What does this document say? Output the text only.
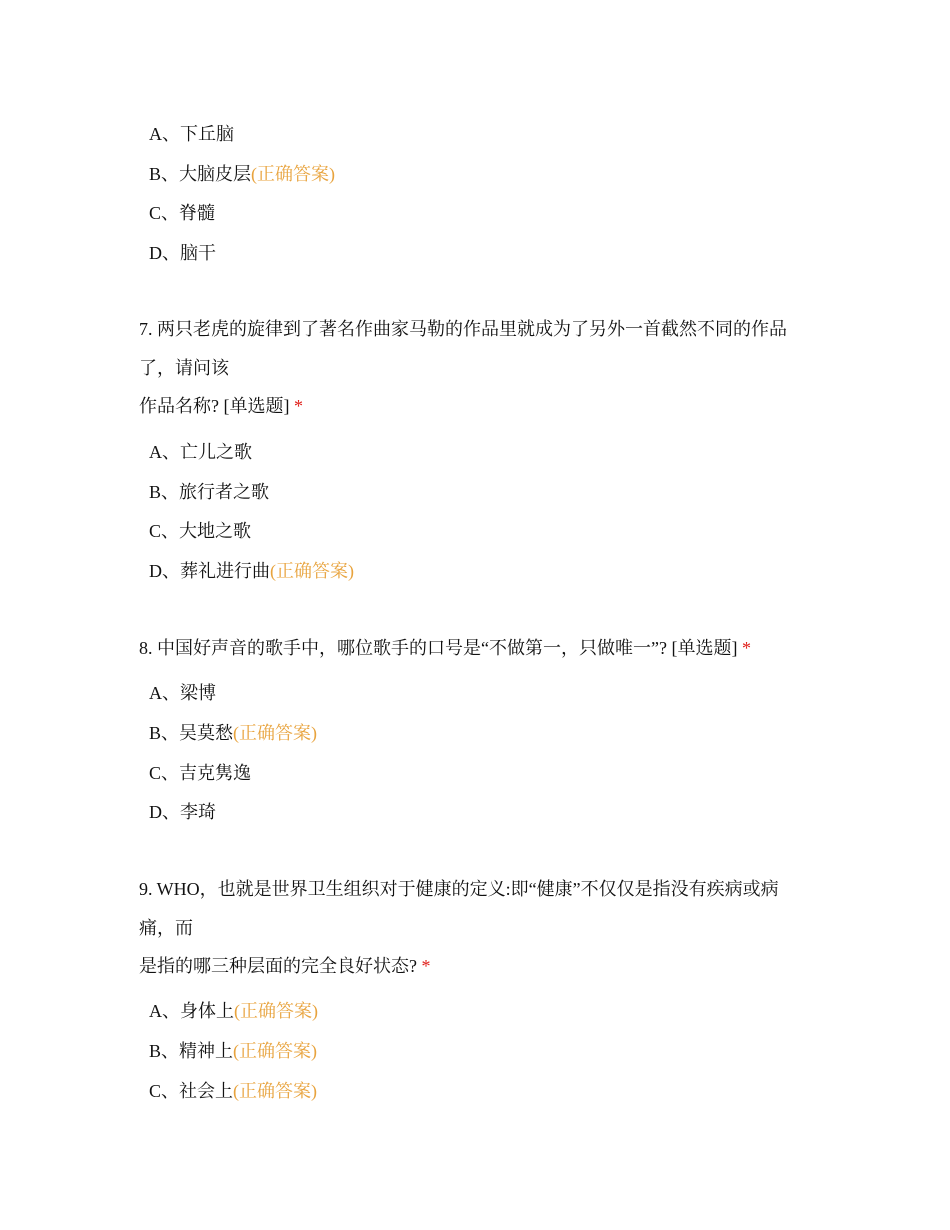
A、下丘脑
B、大脑皮层(正确答案)
C、脊髓
D、脑干
7. 两只老虎的旋律到了著名作曲家马勒的作品里就成为了另外一首截然不同的作品
了，请问该
作品名称? [单选题] *
A、亡儿之歌
B、旅行者之歌
C、大地之歌
D、葬礼进行曲(正确答案)
8. 中国好声音的歌手中，哪位歌手的口号是“不做第一，只做唯一”? [单选题] *
A、梁博
B、吴莫愁(正确答案)
C、吉克隽逸
D、李琦
9. WHO，也就是世界卫生组织对于健康的定义:即“健康”不仅仅是指没有疾病或病
痛，而
是指的哪三种层面的完全良好状态? *
A、身体上(正确答案)
B、精神上(正确答案)
C、社会上(正确答案)
